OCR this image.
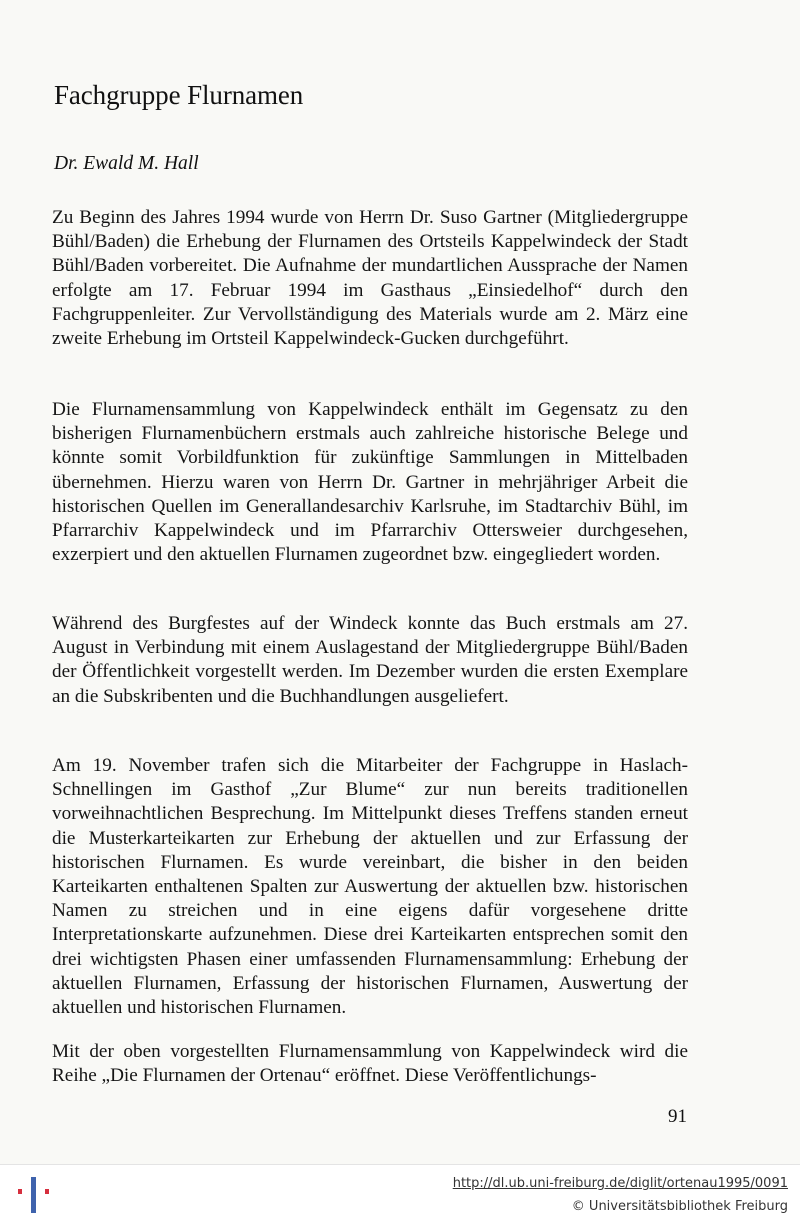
Fachgruppe Flurnamen

Dr. Ewald M. Hall

Zu Beginn des Jahres 1994 wurde von Herrn Dr. Suso Gartner (Mitgliedergruppe Bühl/Baden) die Erhebung der Flurnamen des Ortsteils Kappelwindeck der Stadt Bühl/Baden vorbereitet. Die Aufnahme der mundartlichen Aussprache der Namen erfolgte am 17. Februar 1994 im Gasthaus „Einsiedelhof“ durch den Fachgruppenleiter. Zur Vervollständigung des Materials wurde am 2. März eine zweite Erhebung im Ortsteil Kappelwindeck-Gucken durchgeführt.

Die Flurnamensammlung von Kappelwindeck enthält im Gegensatz zu den bisherigen Flurnamenbüchern erstmals auch zahlreiche historische Belege und könnte somit Vorbildfunktion für zukünftige Sammlungen in Mittelbaden übernehmen. Hierzu waren von Herrn Dr. Gartner in mehrjähriger Arbeit die historischen Quellen im Generallandesarchiv Karlsruhe, im Stadtarchiv Bühl, im Pfarrarchiv Kappelwindeck und im Pfarrarchiv Ottersweier durchgesehen, exzerpiert und den aktuellen Flurnamen zugeordnet bzw. eingegliedert worden.

Während des Burgfestes auf der Windeck konnte das Buch erstmals am 27. August in Verbindung mit einem Auslagestand der Mitgliedergruppe Bühl/Baden der Öffentlichkeit vorgestellt werden. Im Dezember wurden die ersten Exemplare an die Subskribenten und die Buchhandlungen ausgeliefert.

Am 19. November trafen sich die Mitarbeiter der Fachgruppe in Haslach-Schnellingen im Gasthof „Zur Blume“ zur nun bereits traditionellen vorweihnachtlichen Besprechung. Im Mittelpunkt dieses Treffens standen erneut die Musterkarteikarten zur Erhebung der aktuellen und zur Erfassung der historischen Flurnamen. Es wurde vereinbart, die bisher in den beiden Karteikarten enthaltenen Spalten zur Auswertung der aktuellen bzw. historischen Namen zu streichen und in eine eigens dafür vorgesehene dritte Interpretationskarte aufzunehmen. Diese drei Karteikarten entsprechen somit den drei wichtigsten Phasen einer umfassenden Flurnamensammlung: Erhebung der aktuellen Flurnamen, Erfassung der historischen Flurnamen, Auswertung der aktuellen und historischen Flurnamen.

Mit der oben vorgestellten Flurnamensammlung von Kappelwindeck wird die Reihe „Die Flurnamen der Ortenau“ eröffnet. Diese Veröffentlichungs-

91
http://dl.ub.uni-freiburg.de/diglit/ortenau1995/0091
© Universitätsbibliothek Freiburg
